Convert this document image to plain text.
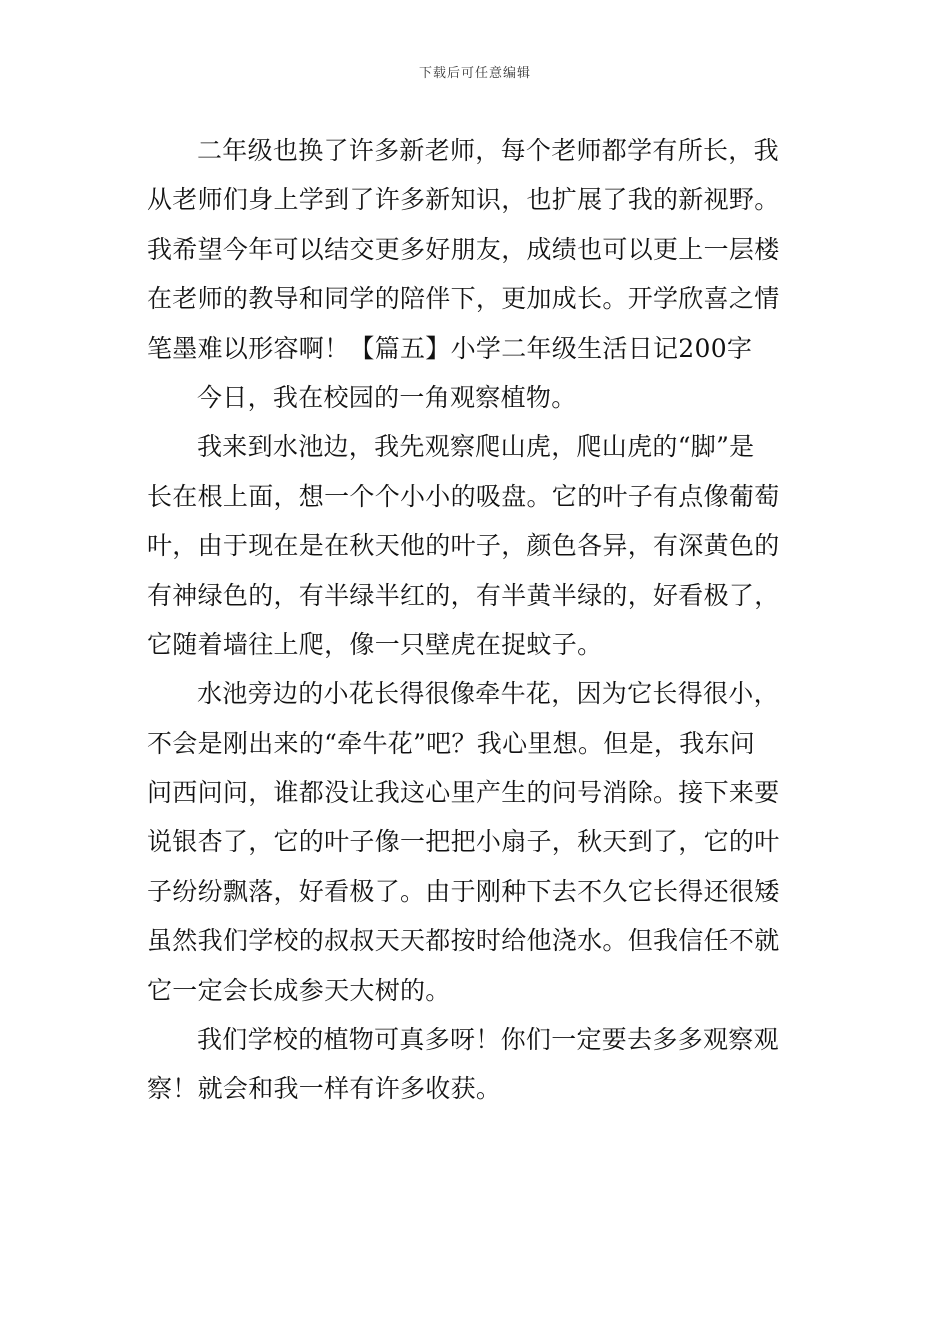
下载后可任意编辑
二年级也换了许多新老师，每个老师都学有所长，我
从老师们身上学到了许多新知识，也扩展了我的新视野。
我希望今年可以结交更多好朋友，成绩也可以更上一层楼
在老师的教导和同学的陪伴下，更加成长。开学欣喜之情
笔墨难以形容啊！【篇五】小学二年级生活日记200字
今日，我在校园的一角观察植物。
我来到水池边，我先观察爬山虎，爬山虎的“脚”是
长在根上面，想一个个小小的吸盘。它的叶子有点像葡萄
叶，由于现在是在秋天他的叶子，颜色各异，有深黄色的
有神绿色的，有半绿半红的，有半黄半绿的，好看极了，
它随着墙往上爬，像一只壁虎在捉蚊子。
水池旁边的小花长得很像牵牛花，因为它长得很小，
不会是刚出来的“牵牛花”吧？我心里想。但是，我东问
问西问问，谁都没让我这心里产生的问号消除。接下来要
说银杏了，它的叶子像一把把小扇子，秋天到了，它的叶
子纷纷飘落，好看极了。由于刚种下去不久它长得还很矮
虽然我们学校的叔叔天天都按时给他浇水。但我信任不就
它一定会长成参天大树的。
我们学校的植物可真多呀！你们一定要去多多观察观
察！就会和我一样有许多收获。
